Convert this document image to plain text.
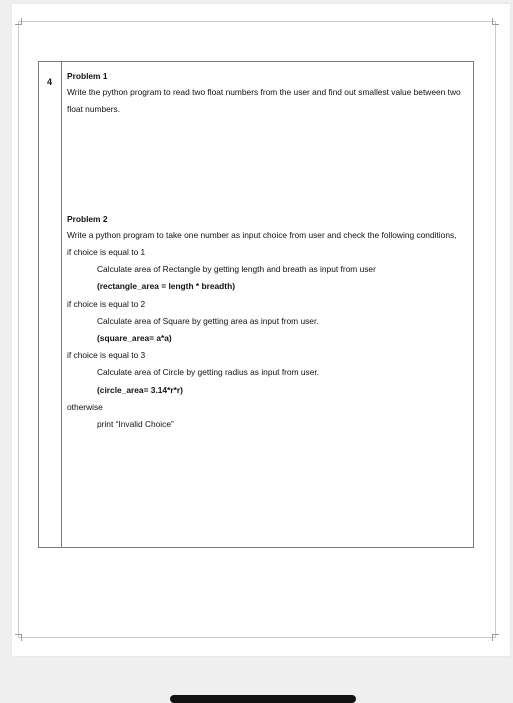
4

Problem 1

Write the python program to read two float numbers from the user and find out smallest value between two float numbers.

Problem 2

Write a python program to take one number as input choice from user and check the following conditions,

if choice is equal to 1

Calculate area of Rectangle by getting length and breath as input from user

(rectangle_area = length * breadth)

if choice is equal to 2

Calculate area of Square by getting area as input from user.

(square_area= a*a)

if choice is equal to 3

Calculate area of Circle by getting radius as input from user.

(circle_area= 3.14*r*r)

otherwise

print “Invalid Choice”
